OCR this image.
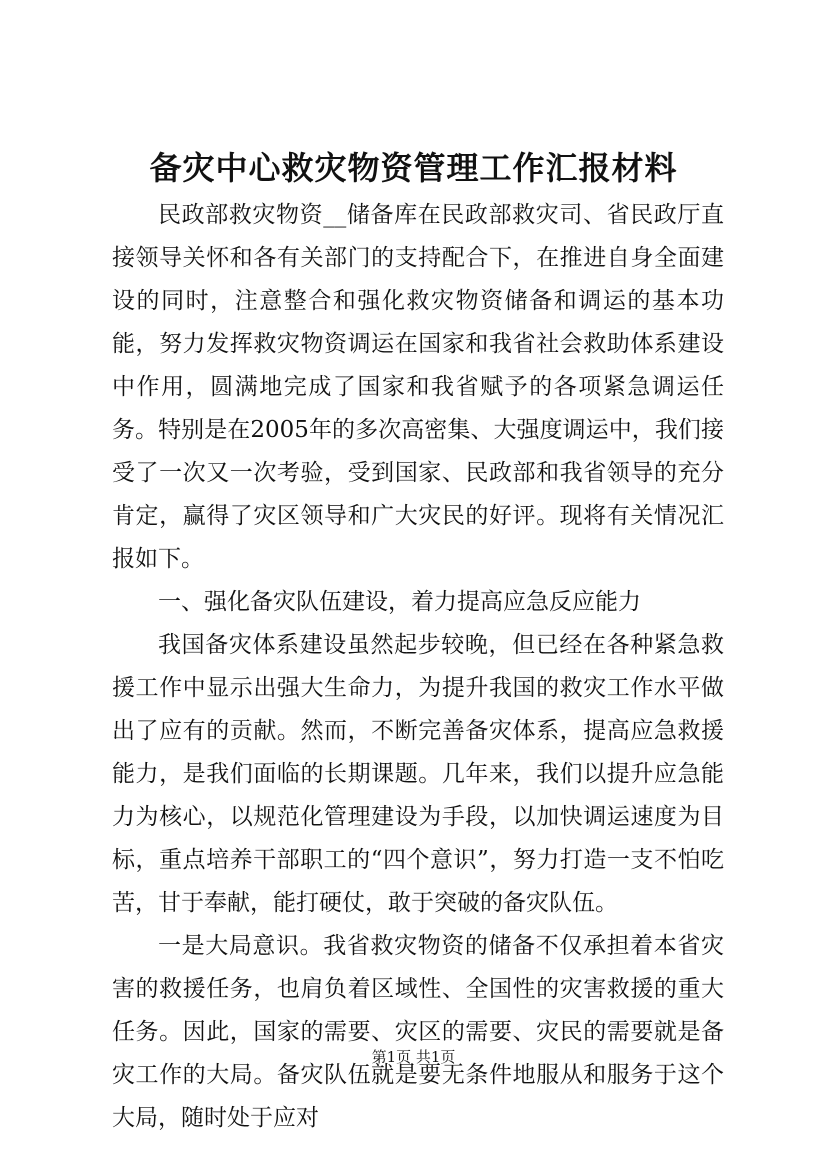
备灾中心救灾物资管理工作汇报材料

民政部救灾物资__储备库在民政部救灾司、省民政厅直接领导关怀和各有关部门的支持配合下，在推进自身全面建设的同时，注意整合和强化救灾物资储备和调运的基本功能，努力发挥救灾物资调运在国家和我省社会救助体系建设中作用，圆满地完成了国家和我省赋予的各项紧急调运任务。特别是在2005年的多次高密集、大强度调运中，我们接受了一次又一次考验，受到国家、民政部和我省领导的充分肯定，赢得了灾区领导和广大灾民的好评。现将有关情况汇报如下。

一、强化备灾队伍建设，着力提高应急反应能力

我国备灾体系建设虽然起步较晚，但已经在各种紧急救援工作中显示出强大生命力，为提升我国的救灾工作水平做出了应有的贡献。然而，不断完善备灾体系，提高应急救援能力，是我们面临的长期课题。几年来，我们以提升应急能力为核心，以规范化管理建设为手段，以加快调运速度为目标，重点培养干部职工的“四个意识”，努力打造一支不怕吃苦，甘于奉献，能打硬仗，敢于突破的备灾队伍。

一是大局意识。我省救灾物资的储备不仅承担着本省灾害的救援任务，也肩负着区域性、全国性的灾害救援的重大任务。因此，国家的需要、灾区的需要、灾民的需要就是备灾工作的大局。备灾队伍就是要无条件地服从和服务于这个大局，随时处于应对

第1页 共1页
